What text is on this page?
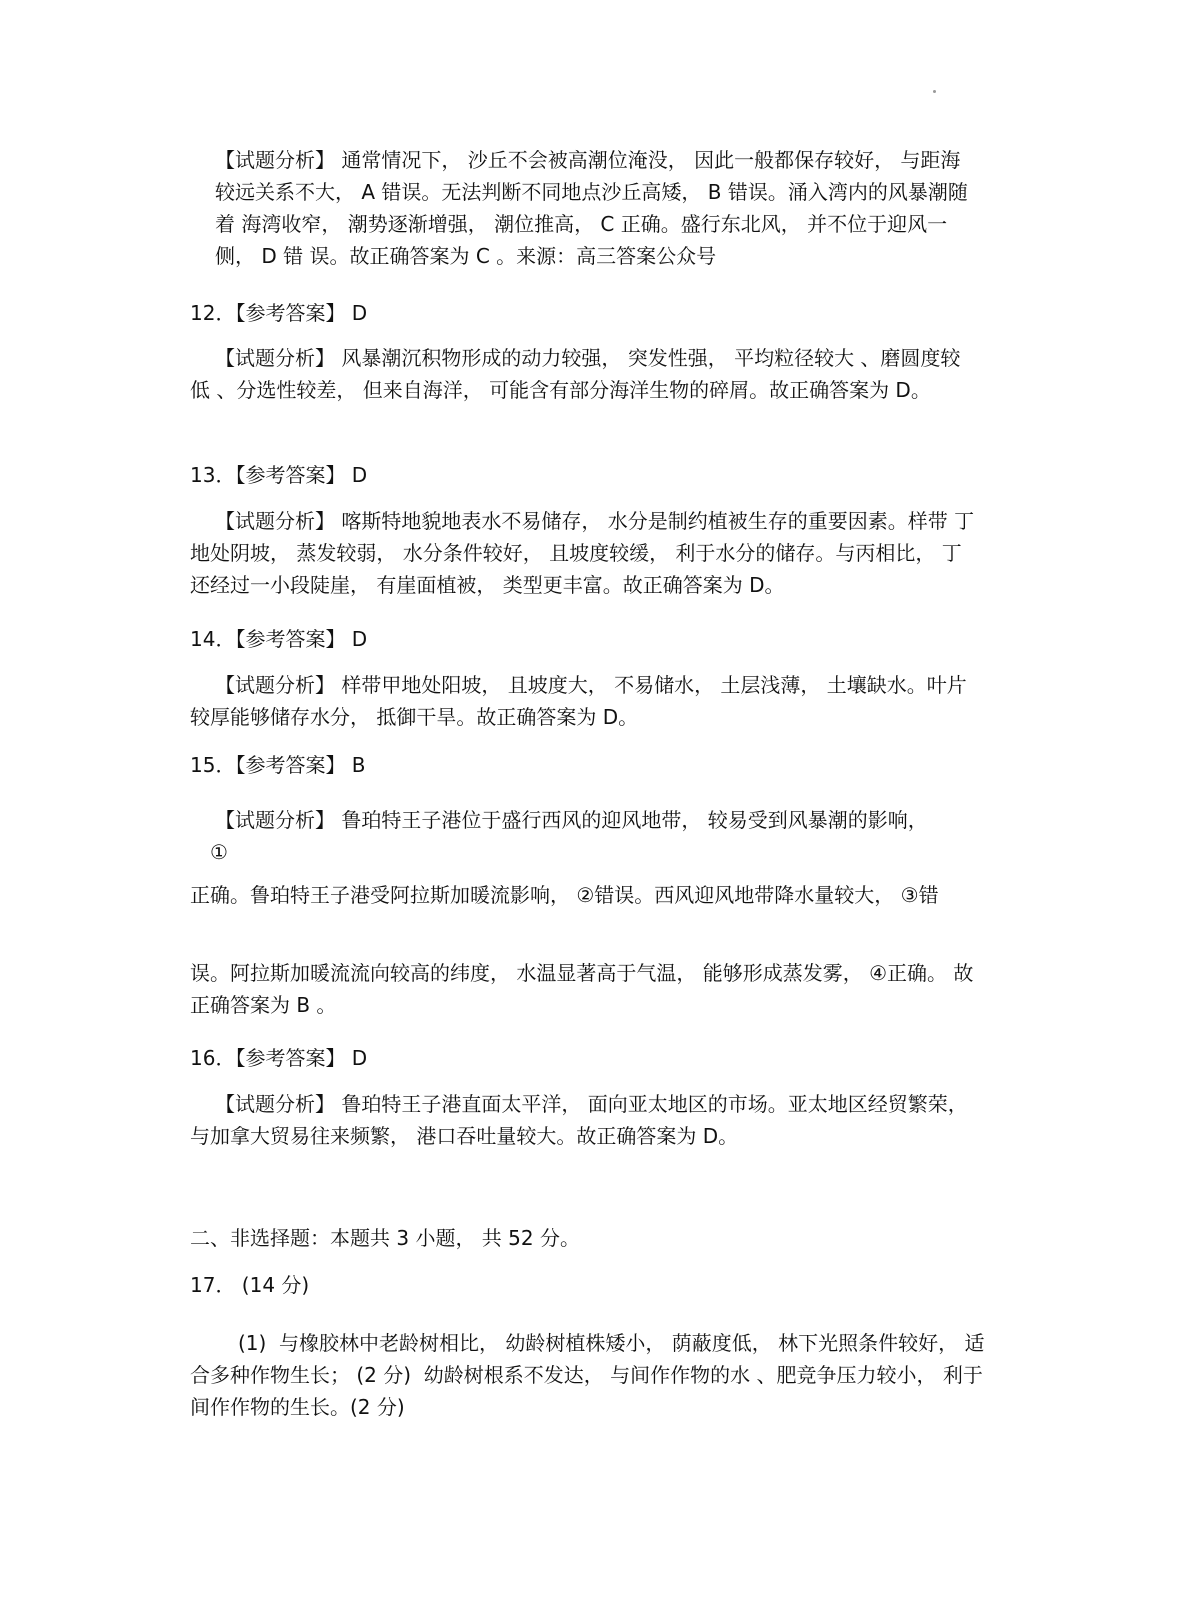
【试题分析】 通常情况下， 沙丘不会被高潮位淹没， 因此一般都保存较好， 与距海 较远关系不大， A 错误。无法判断不同地点沙丘高矮， B 错误。涌入湾内的风暴潮随着 海湾收窄， 潮势逐渐增强， 潮位推高， C 正确。盛行东北风， 并不位于迎风一侧， D 错 误。故正确答案为 C 。来源：高三答案公众号

12．【参考答案】 D

【试题分析】 风暴潮沉积物形成的动力较强， 突发性强， 平均粒径较大 、磨圆度较 低 、分选性较差， 但来自海洋， 可能含有部分海洋生物的碎屑。故正确答案为 D。

13．【参考答案】 D

【试题分析】 喀斯特地貌地表水不易储存， 水分是制约植被生存的重要因素。样带 丁地处阴坡， 蒸发较弱， 水分条件较好， 且坡度较缓， 利于水分的储存。与丙相比， 丁还经过一小段陡崖， 有崖面植被， 类型更丰富。故正确答案为 D。

14．【参考答案】 D

【试题分析】 样带甲地处阳坡， 且坡度大， 不易储水， 土层浅薄， 土壤缺水。叶片 较厚能够储存水分， 抵御干旱。故正确答案为 D。

15．【参考答案】 B

【试题分析】 鲁珀特王子港位于盛行西风的迎风地带， 较易受到风暴潮的影响，

①

正确。鲁珀特王子港受阿拉斯加暖流影响， ②错误。西风迎风地带降水量较大， ③错

误。阿拉斯加暖流流向较高的纬度， 水温显著高于气温， 能够形成蒸发雾， ④正确。 故正确答案为 B 。

16．【参考答案】 D

【试题分析】 鲁珀特王子港直面太平洋， 面向亚太地区的市场。亚太地区经贸繁荣， 与加拿大贸易往来频繁， 港口吞吐量较大。故正确答案为 D。

二、非选择题：本题共 3 小题， 共 52 分。

17． (14 分)

(1)  与橡胶林中老龄树相比， 幼龄树植株矮小， 荫蔽度低， 林下光照条件较好， 适合多种作物生长； (2 分)  幼龄树根系不发达， 与间作作物的水 、肥竞争压力较小， 利于间作作物的生长。(2 分)
